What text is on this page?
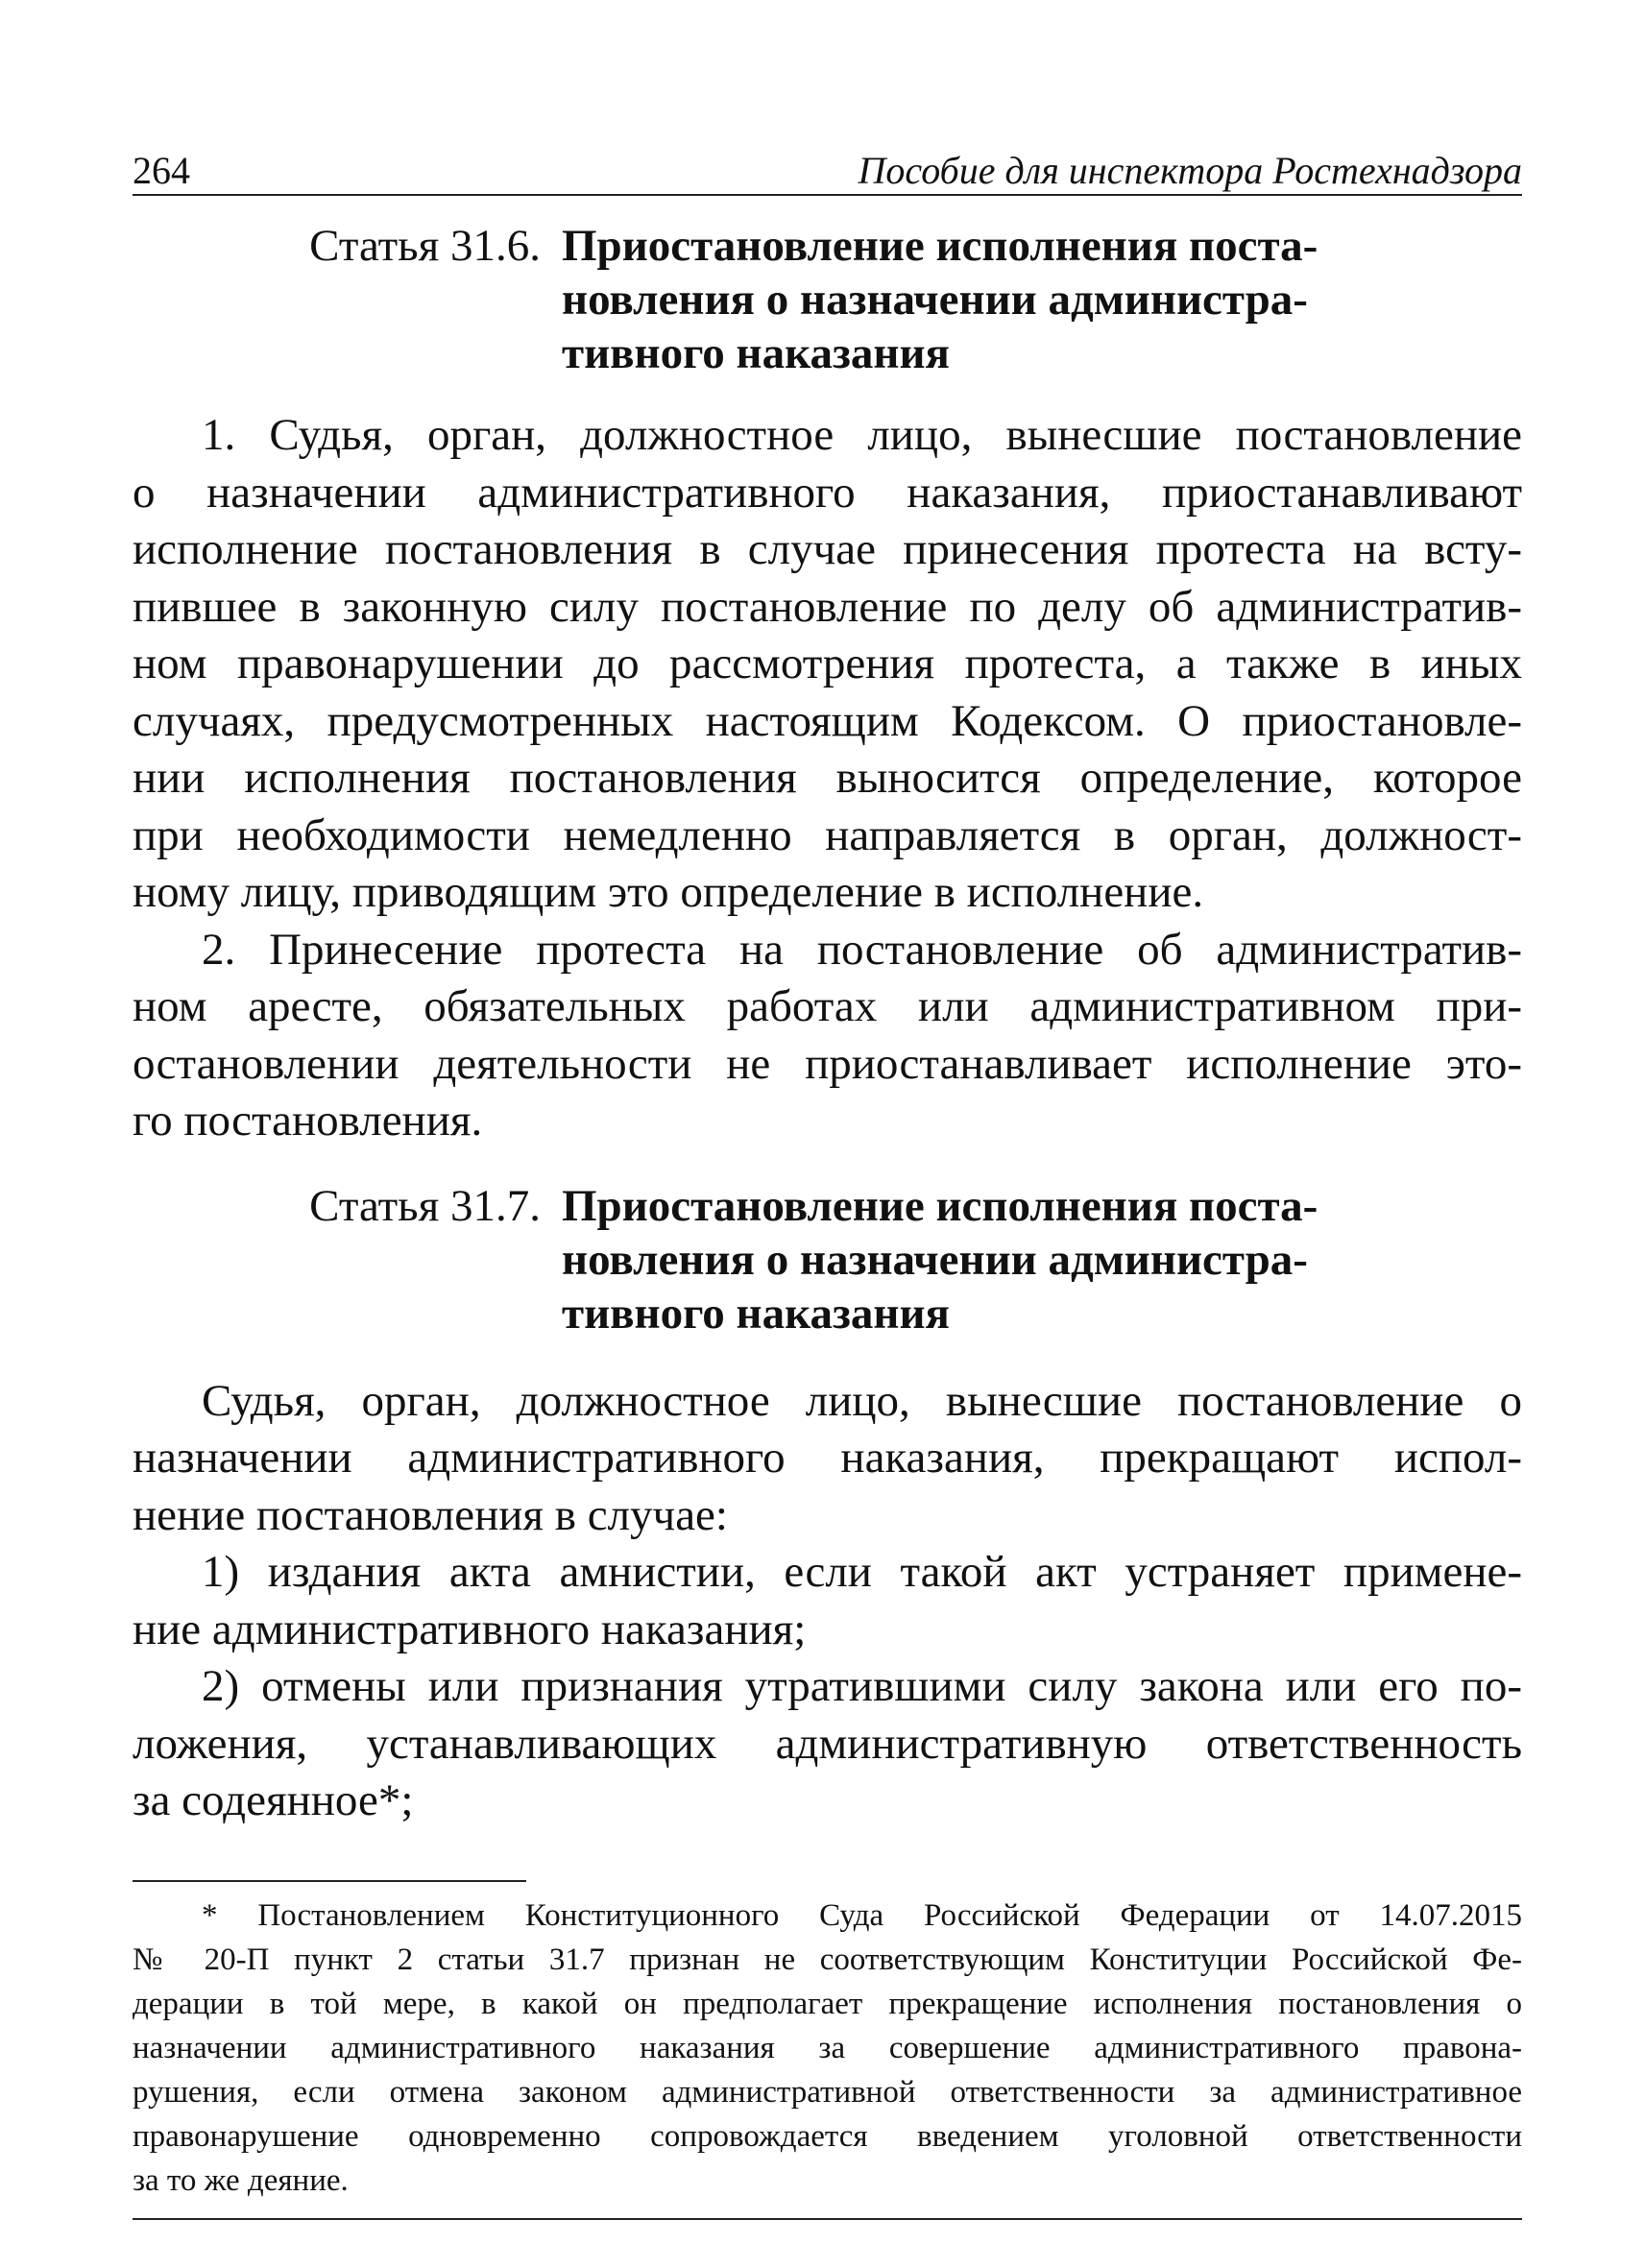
264	Пособие для инспектора Ростехнадзора
Статья 31.6. Приостановление исполнения поста-
новления о назначении администра-
тивного наказания
1. Судья, орган, должностное лицо, вынесшие постановление
о назначении административного наказания, приостанавливают
исполнение постановления в случае принесения протеста на всту-
пившее в законную силу постановление по делу об административ-
ном правонарушении до рассмотрения протеста, а также в иных
случаях, предусмотренных настоящим Кодексом. О приостановле-
нии исполнения постановления выносится определение, которое
при необходимости немедленно направляется в орган, должност-
ному лицу, приводящим это определение в исполнение.
2. Принесение протеста на постановление об административ-
ном аресте, обязательных работах или административном при-
остановлении деятельности не приостанавливает исполнение это-
го постановления.
Статья 31.7. Приостановление исполнения поста-
новления о назначении администра-
тивного наказания
Судья, орган, должностное лицо, вынесшие постановление о
назначении административного наказания, прекращают испол-
нение постановления в случае:
1) издания акта амнистии, если такой акт устраняет примене-
ние административного наказания;
2) отмены или признания утратившими силу закона или его по-
ложения, устанавливающих административную ответственность
за содеянное*;
* Постановлением Конституционного Суда Российской Федерации от 14.07.2015
№ 20-П пункт 2 статьи 31.7 признан не соответствующим Конституции Российской Фе-
дерации в той мере, в какой он предполагает прекращение исполнения постановления о
назначении административного наказания за совершение административного правона-
рушения, если отмена законом административной ответственности за административное
правонарушение одновременно сопровождается введением уголовной ответственности
за то же деяние.
